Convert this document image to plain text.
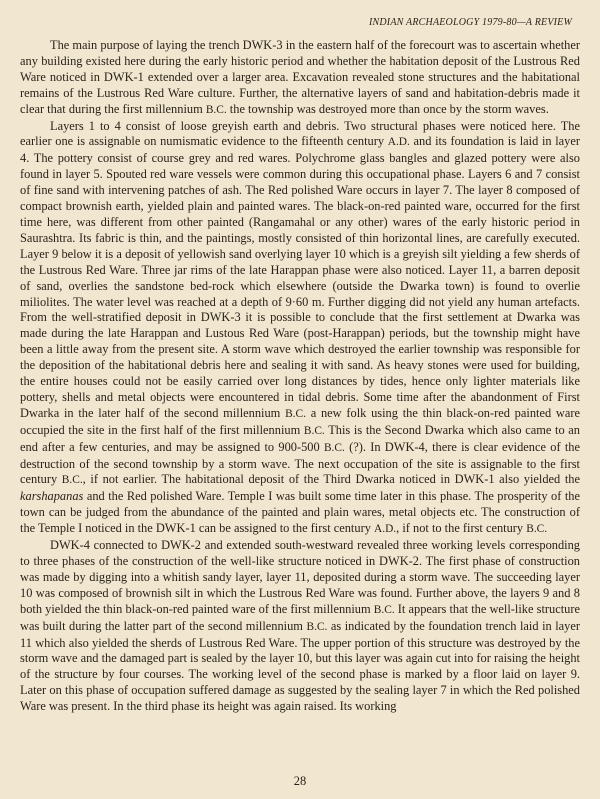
INDIAN ARCHAEOLOGY 1979-80—A REVIEW

The main purpose of laying the trench DWK-3 in the eastern half of the forecourt was to ascertain whether any building existed here during the early historic period and whether the habitation deposit of the Lustrous Red Ware noticed in DWK-1 extended over a larger area. Excavation revealed stone structures and the habitational remains of the Lustrous Red Ware culture. Further, the alternative layers of sand and habitation-debris made it clear that during the first millennium B.C. the township was destroyed more than once by the storm waves.

Layers 1 to 4 consist of loose greyish earth and debris. Two structural phases were noticed here. The earlier one is assignable on numismatic evidence to the fifteenth century A.D. and its foundation is laid in layer 4. The pottery consist of course grey and red wares. Polychrome glass bangles and glazed pottery were also found in layer 5. Spouted red ware vessels were common during this occupational phase. Layers 6 and 7 consist of fine sand with intervening patches of ash. The Red polished Ware occurs in layer 7. The layer 8 composed of compact brownish earth, yielded plain and painted wares. The black-on-red painted ware, occurred for the first time here, was different from other painted (Rangamahal or any other) wares of the early historic period in Saurashtra. Its fabric is thin, and the paintings, mostly consisted of thin horizontal lines, are carefully executed. Layer 9 below it is a deposit of yellowish sand overlying layer 10 which is a greyish silt yielding a few sherds of the Lustrous Red Ware. Three jar rims of the late Harappan phase were also noticed. Layer 11, a barren deposit of sand, overlies the sandstone bed-rock which elsewhere (outside the Dwarka town) is found to overlie miliolites. The water level was reached at a depth of 9·60 m. Further digging did not yield any human artefacts. From the well-stratified deposit in DWK-3 it is possible to conclude that the first settlement at Dwarka was made during the late Harappan and Lustous Red Ware (post-Harappan) periods, but the township might have been a little away from the present site. A storm wave which destroyed the earlier township was responsible for the deposition of the habitational debris here and sealing it with sand. As heavy stones were used for building, the entire houses could not be easily carried over long distances by tides, hence only lighter materials like pottery, shells and metal objects were encountered in tidal debris. Some time after the abandonment of First Dwarka in the later half of the second millennium B.C. a new folk using the thin black-on-red painted ware occupied the site in the first half of the first millennium B.C. This is the Second Dwarka which also came to an end after a few centuries, and may be assigned to 900-500 B.C. (?). In DWK-4, there is clear evidence of the destruction of the second township by a storm wave. The next occupation of the site is assignable to the first century B.C., if not earlier. The habitational deposit of the Third Dwarka noticed in DWK-1 also yielded the karshapanas and the Red polished Ware. Temple I was built some time later in this phase. The prosperity of the town can be judged from the abundance of the painted and plain wares, metal objects etc. The construction of the Temple I noticed in the DWK-1 can be assigned to the first century A.D., if not to the first century B.C.

DWK-4 connected to DWK-2 and extended south-westward revealed three working levels corresponding to three phases of the construction of the well-like structure noticed in DWK-2. The first phase of construction was made by digging into a whitish sandy layer, layer 11, deposited during a storm wave. The succeeding layer 10 was composed of brownish silt in which the Lustrous Red Ware was found. Further above, the layers 9 and 8 both yielded the thin black-on-red painted ware of the first millennium B.C. It appears that the well-like structure was built during the latter part of the second millennium B.C. as indicated by the foundation trench laid in layer 11 which also yielded the sherds of Lustrous Red Ware. The upper portion of this structure was destroyed by the storm wave and the damaged part is sealed by the layer 10, but this layer was again cut into for raising the height of the structure by four courses. The working level of the second phase is marked by a floor laid on layer 9. Later on this phase of occupation suffered damage as suggested by the sealing layer 7 in which the Red polished Ware was present. In the third phase its height was again raised. Its working

28
